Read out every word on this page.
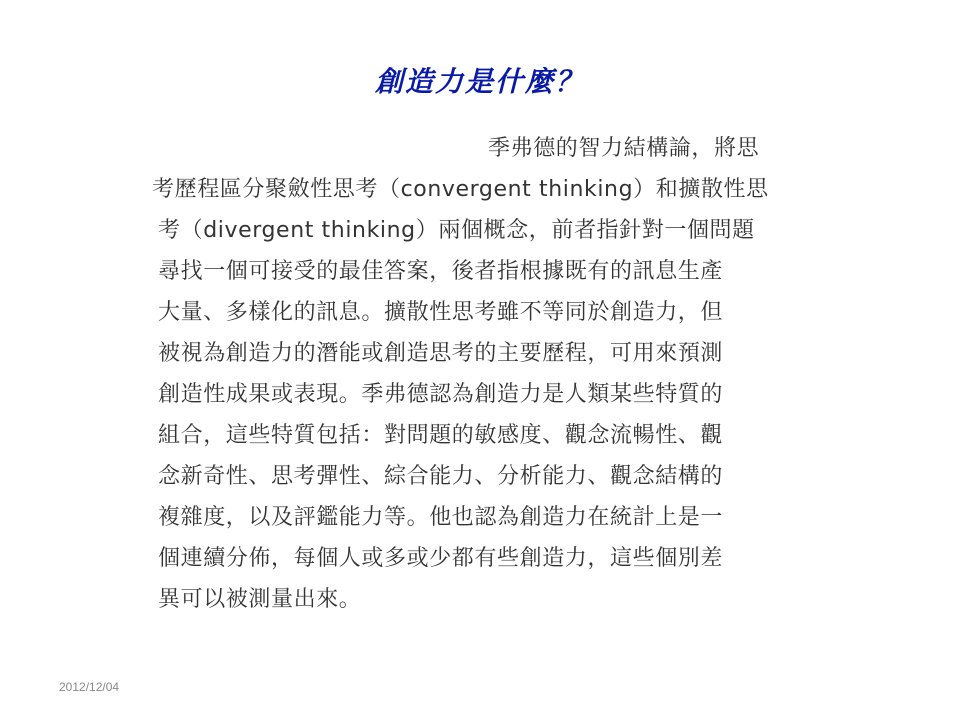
創造力是什麼？
季弗德的智力結構論，將思
考歷程區分聚斂性思考（convergent thinking）和擴散性思
考（divergent thinking）兩個概念，前者指針對一個問題
尋找一個可接受的最佳答案，後者指根據既有的訊息生產
大量、多樣化的訊息。擴散性思考雖不等同於創造力，但
被視為創造力的潛能或創造思考的主要歷程，可用來預測
創造性成果或表現。季弗德認為創造力是人類某些特質的
組合，這些特質包括：對問題的敏感度、觀念流暢性、觀
念新奇性、思考彈性、綜合能力、分析能力、觀念結構的
複雜度，以及評鑑能力等。他也認為創造力在統計上是一
個連續分佈，每個人或多或少都有些創造力，這些個別差
異可以被測量出來。
2012/12/04
